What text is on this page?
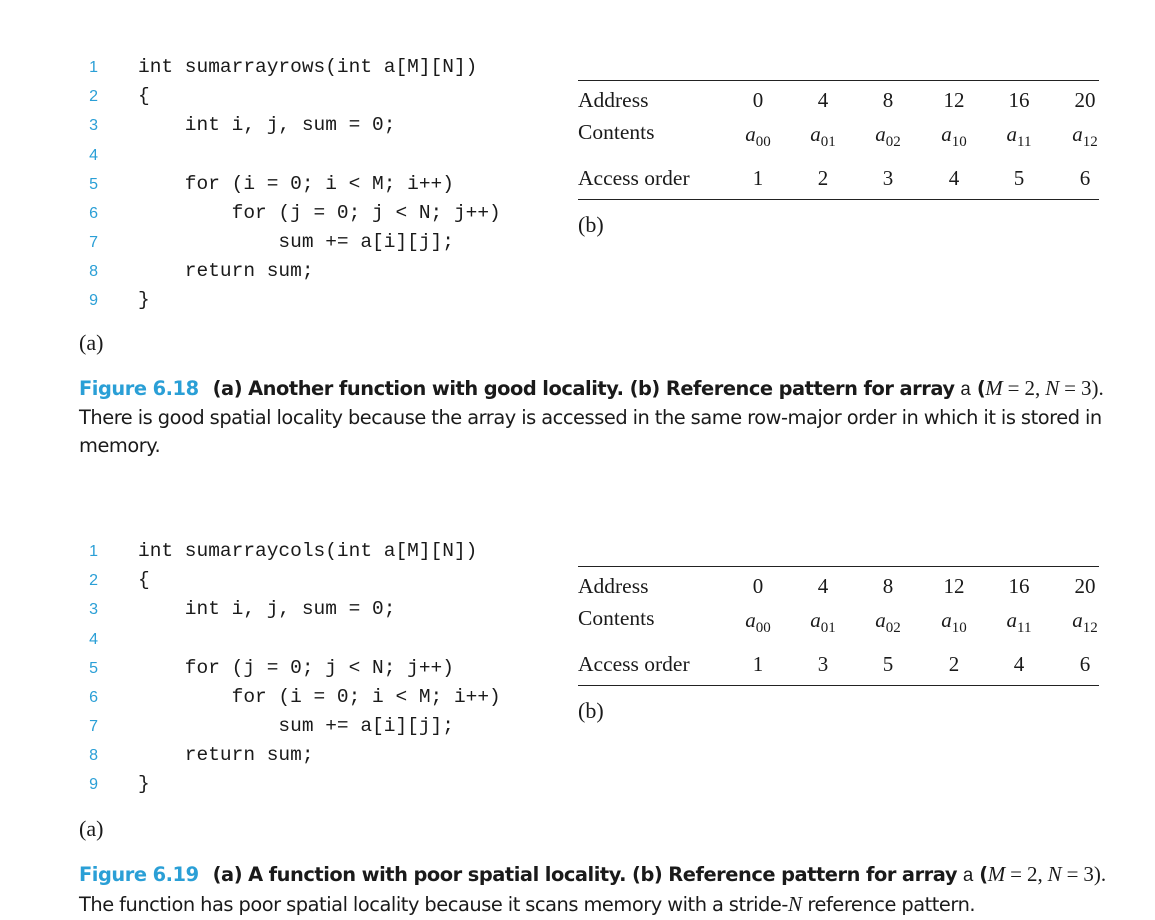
1 int sumarrayrows(int a[M][N])
2 {
3 int i, j, sum = 0;
4
5 for (i = 0; i < M; i++)
6 for (j = 0; j < N; j++)
7 sum += a[i][j];
8 return sum;
9 }
(a)
Address	0	4	8	12	16	20
Contents	$a_{00}$	$a_{01}$	$a_{02}$	$a_{10}$	$a_{11}$	$a_{12}$
Access order	1	2	3	4	5	6
(b)
Figure 6.18 (a) Another function with good locality. (b) Reference pattern for array a (M = 2, N = 3). There is good spatial locality because the array is accessed in the same row-major order in which it is stored in memory.
1 int sumarraycols(int a[M][N])
2 {
3 int i, j, sum = 0;
4
5 for (j = 0; j < N; j++)
6 for (i = 0; i < M; i++)
7 sum += a[i][j];
8 return sum;
9 }
(a)
Address	0	4	8	12	16	20
Contents	$a_{00}$	$a_{01}$	$a_{02}$	$a_{10}$	$a_{11}$	$a_{12}$
Access order	1	3	5	2	4	6
(b)
Figure 6.19 (a) A function with poor spatial locality. (b) Reference pattern for array a (M = 2, N = 3). The function has poor spatial locality because it scans memory with a stride-N reference pattern.
